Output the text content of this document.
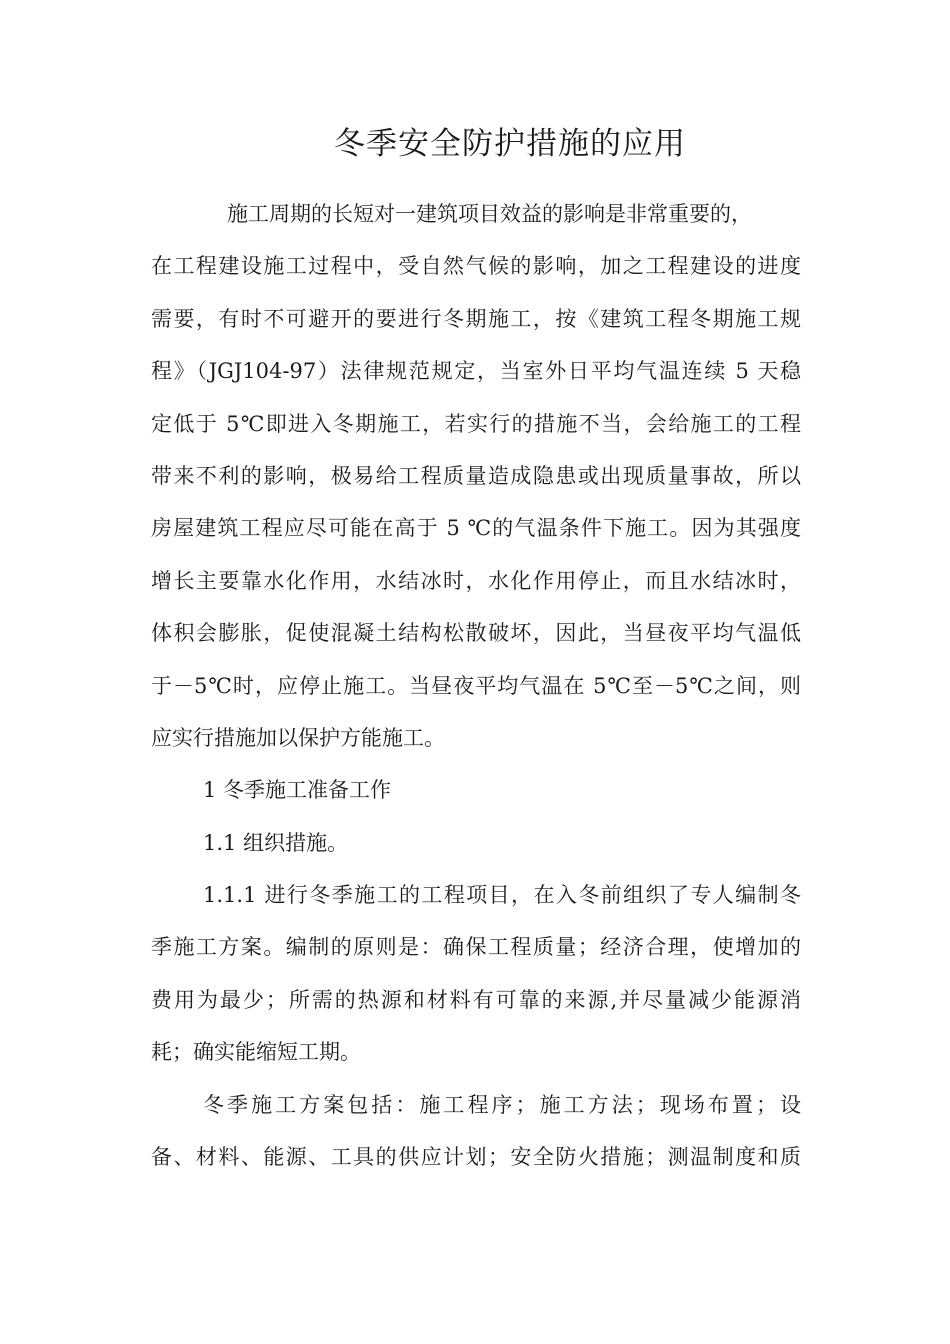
冬季安全防护措施的应用
施工周期的长短对一建筑项目效益的影响是非常重要的，
在工程建设施工过程中，受自然气候的影响，加之工程建设的进度
需要，有时不可避开的要进行冬期施工，按《建筑工程冬期施工规
程》（JGJ104-97）法律规范规定，当室外日平均气温连续 5 天稳
定低于 5℃即进入冬期施工，若实行的措施不当，会给施工的工程
带来不利的影响，极易给工程质量造成隐患或出现质量事故，所以
房屋建筑工程应尽可能在高于 5 ℃的气温条件下施工。因为其强度
增长主要靠水化作用，水结冰时，水化作用停止，而且水结冰时，
体积会膨胀，促使混凝土结构松散破坏，因此，当昼夜平均气温低
于－5℃时，应停止施工。当昼夜平均气温在 5℃至－5℃之间，则
应实行措施加以保护方能施工。
1 冬季施工准备工作
1.1 组织措施。
1.1.1 进行冬季施工的工程项目，在入冬前组织了专人编制冬
季施工方案。编制的原则是：确保工程质量；经济合理，使增加的
费用为最少；所需的热源和材料有可靠的来源,并尽量减少能源消
耗；确实能缩短工期。
冬季施工方案包括：施工程序；施工方法；现场布置；设
备、材料、能源、工具的供应计划；安全防火措施；测温制度和质
